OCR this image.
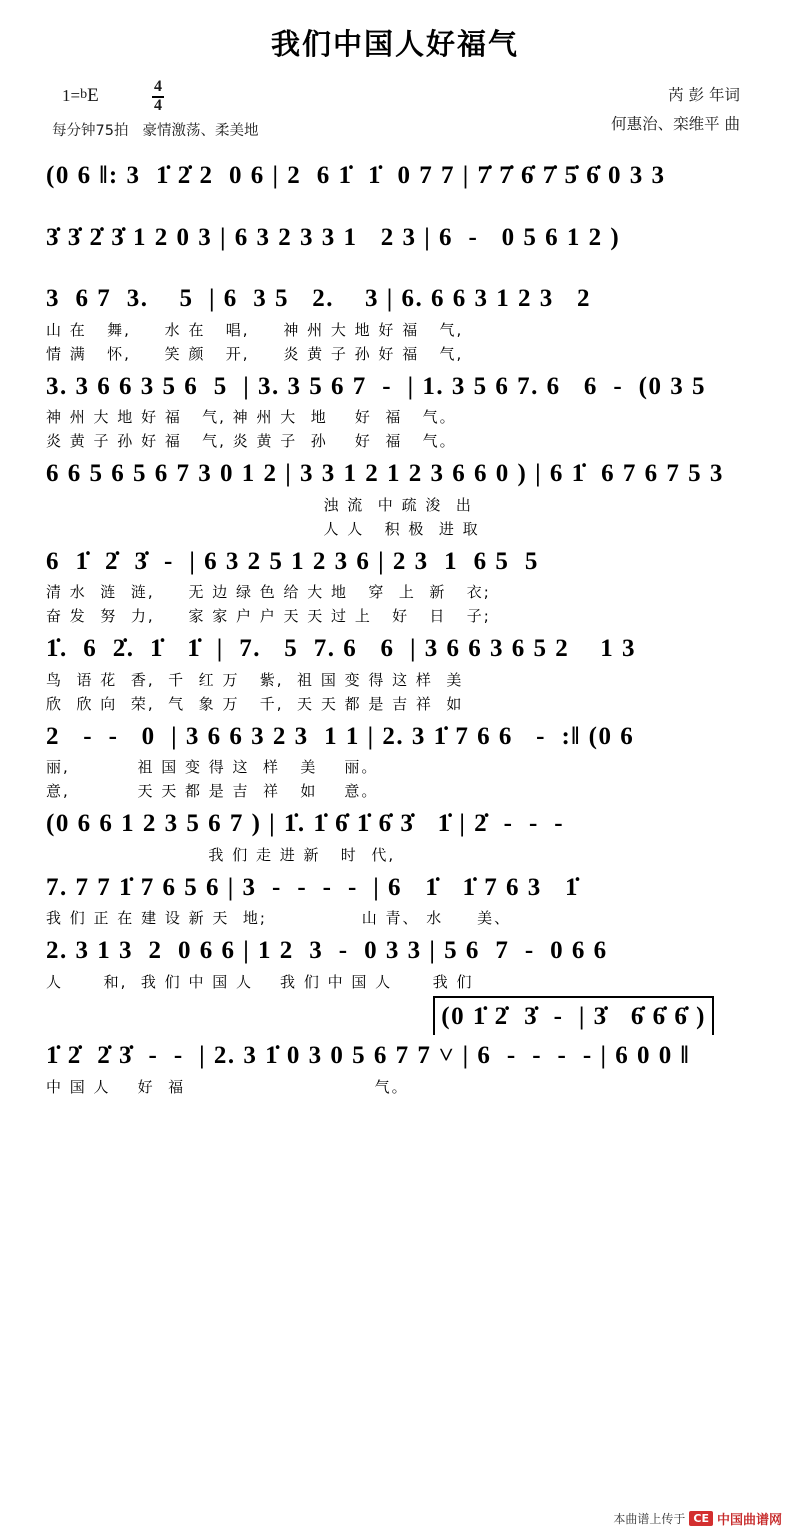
我们中国人好福气
1=bE	$\frac{4}{4}$
每分钟75拍 豪情激荡、柔美地
芮 彭 年词
何惠治、栾维平 曲
(0 6 ‖: 3  1̇ 2̇ 2  0 6 | 2  6 1̇  1̇  0 7 7 | 7̇ 7̇ 6̇ 7̇ 5̇ 6̇ 0 3 3
3̇ 3̇ 2̇ 3̇ 1 2 0 3 | 6 3 2 3 3 1   2 3 | 6  -   0 5 6 1 2 )
3  6 7  3.    5  | 6  3 5   2.    3 | 6. 6 6 3 1 2 3   2
山 在   舞,     水 在   唱,     神 州 大 地 好 福   气,
情 满   怀,     笑 颜   开,     炎 黄 子 孙 好 福   气,
3. 3 6 6 3 5 6  5  | 3. 3 5 6 7  -  | 1. 3 5 6 7. 6   6  -  (0 3 5
神 州 大 地 好 福   气, 神 州 大  地    好  福   气。
炎 黄 子 孙 好 福   气, 炎 黄 子  孙    好  福   气。
6 6 5 6 5 6 7 3 0 1 2 | 3 3 1 2 1 2 3 6 6 0 ) | 6 1̇  6 7 6 7 5 3
浊 流  中 疏 浚  出
人 人   积 极  进 取
6  1̇  2̇  3̇  -  | 6 3 2 5 1 2 3 6 | 2 3  1  6 5  5
清 水  涟  涟,     无 边 绿 色 给 大 地   穿  上  新   衣;
奋 发  努  力,     家 家 户 户 天 天 过 上   好   日   子;
1̇.  6  2̇.  1̇   1̇  |  7.   5  7. 6   6  | 3 6 6 3 6 5 2    1 3
鸟  语 花  香,  千  红 万   紫,  祖 国 变 得 这 样  美
欣  欣 向  荣,  气  象 万   千,  天 天 都 是 吉 祥  如
2   -  -   0  | 3 6 6 3 2 3  1 1 | 2. 3 1̇ 7 6 6   -  :‖ (0 6
丽,          祖 国 变 得 这  样   美    丽。
意,          天 天 都 是 吉  祥   如    意。
(0 6 6 1 2 3 5 6 7 ) | 1̇. 1̇ 6̇ 1̇ 6̇ 3̇   1̇ | 2̇  -  -  -
我 们 走 进 新   时  代,
7. 7 7 1̇ 7 6 5 6 | 3  -  -  -  -  | 6   1̇   1̇ 7 6 3   1̇
我 们 正 在 建 设 新 天  地;              山 青、 水     美、
2. 3 1 3  2  0 6 6 | 1 2  3  -  0 3 3 | 5 6  7  -  0 6 6
人      和,  我 们 中 国 人    我 们 中 国 人      我 们
(0 1̇ 2̇  3̇  -  | 3̇   6̇ 6̇ 6̇ )
1̇ 2̇  2̇ 3̇  -  -  | 2. 3 1̇ 0 3 0 5 6 7 7 ˅ | 6  -  -  -  - | 6 0 0 ‖
中 国 人    好  福                            气。
本曲谱上传于 CE 中国曲谱网
